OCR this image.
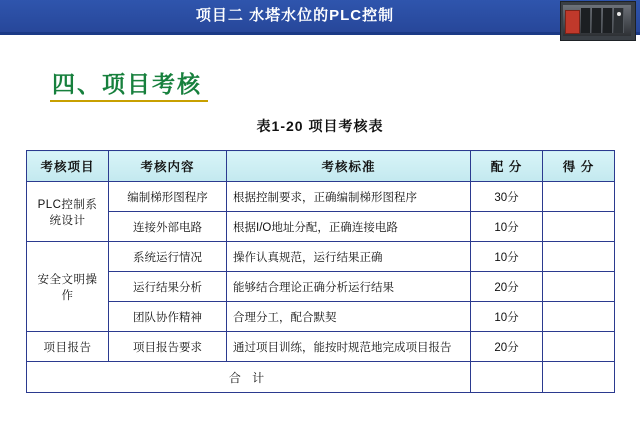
项目二 水塔水位的PLC控制
四、项目考核
表1-20 项目考核表
考核项目	考核内容	考核标准	配 分	得 分
PLC控制系统设计	编制梯形图程序	根据控制要求，正确编制梯形图程序	30分	
	连接外部电路	根据I/O地址分配，正确连接电路	10分	
安全文明操作	系统运行情况	操作认真规范，运行结果正确	10分	
	运行结果分析	能够结合理论正确分析运行结果	20分	
	团队协作精神	合理分工，配合默契	10分	
项目报告	项目报告要求	通过项目训练，能按时规范地完成项目报告	20分	
合 计				
